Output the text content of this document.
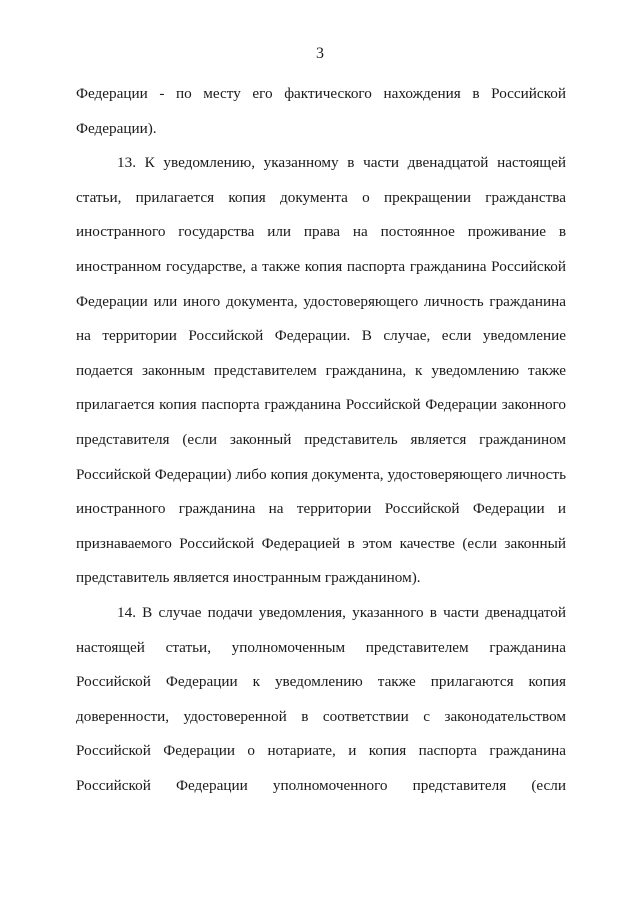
3
Федерации - по месту его фактического нахождения в Российской
Федерации).
13. К уведомлению, указанному в части двенадцатой настоящей
статьи, прилагается копия документа о прекращении гражданства
иностранного государства или права на постоянное проживание в
иностранном государстве, а также копия паспорта гражданина Российской
Федерации или иного документа, удостоверяющего личность гражданина
на территории Российской Федерации. В случае, если уведомление
подается законным представителем гражданина, к уведомлению также
прилагается копия паспорта гражданина Российской Федерации законного
представителя (если законный представитель является гражданином
Российской Федерации) либо копия документа, удостоверяющего личность
иностранного гражданина на территории Российской Федерации и
признаваемого Российской Федерацией в этом качестве (если законный
представитель является иностранным гражданином).
14. В случае подачи уведомления, указанного в части двенадцатой
настоящей статьи, уполномоченным представителем гражданина
Российской Федерации к уведомлению также прилагаются копия
доверенности, удостоверенной в соответствии с законодательством
Российской Федерации о нотариате, и копия паспорта гражданина
Российской Федерации уполномоченного представителя (если
